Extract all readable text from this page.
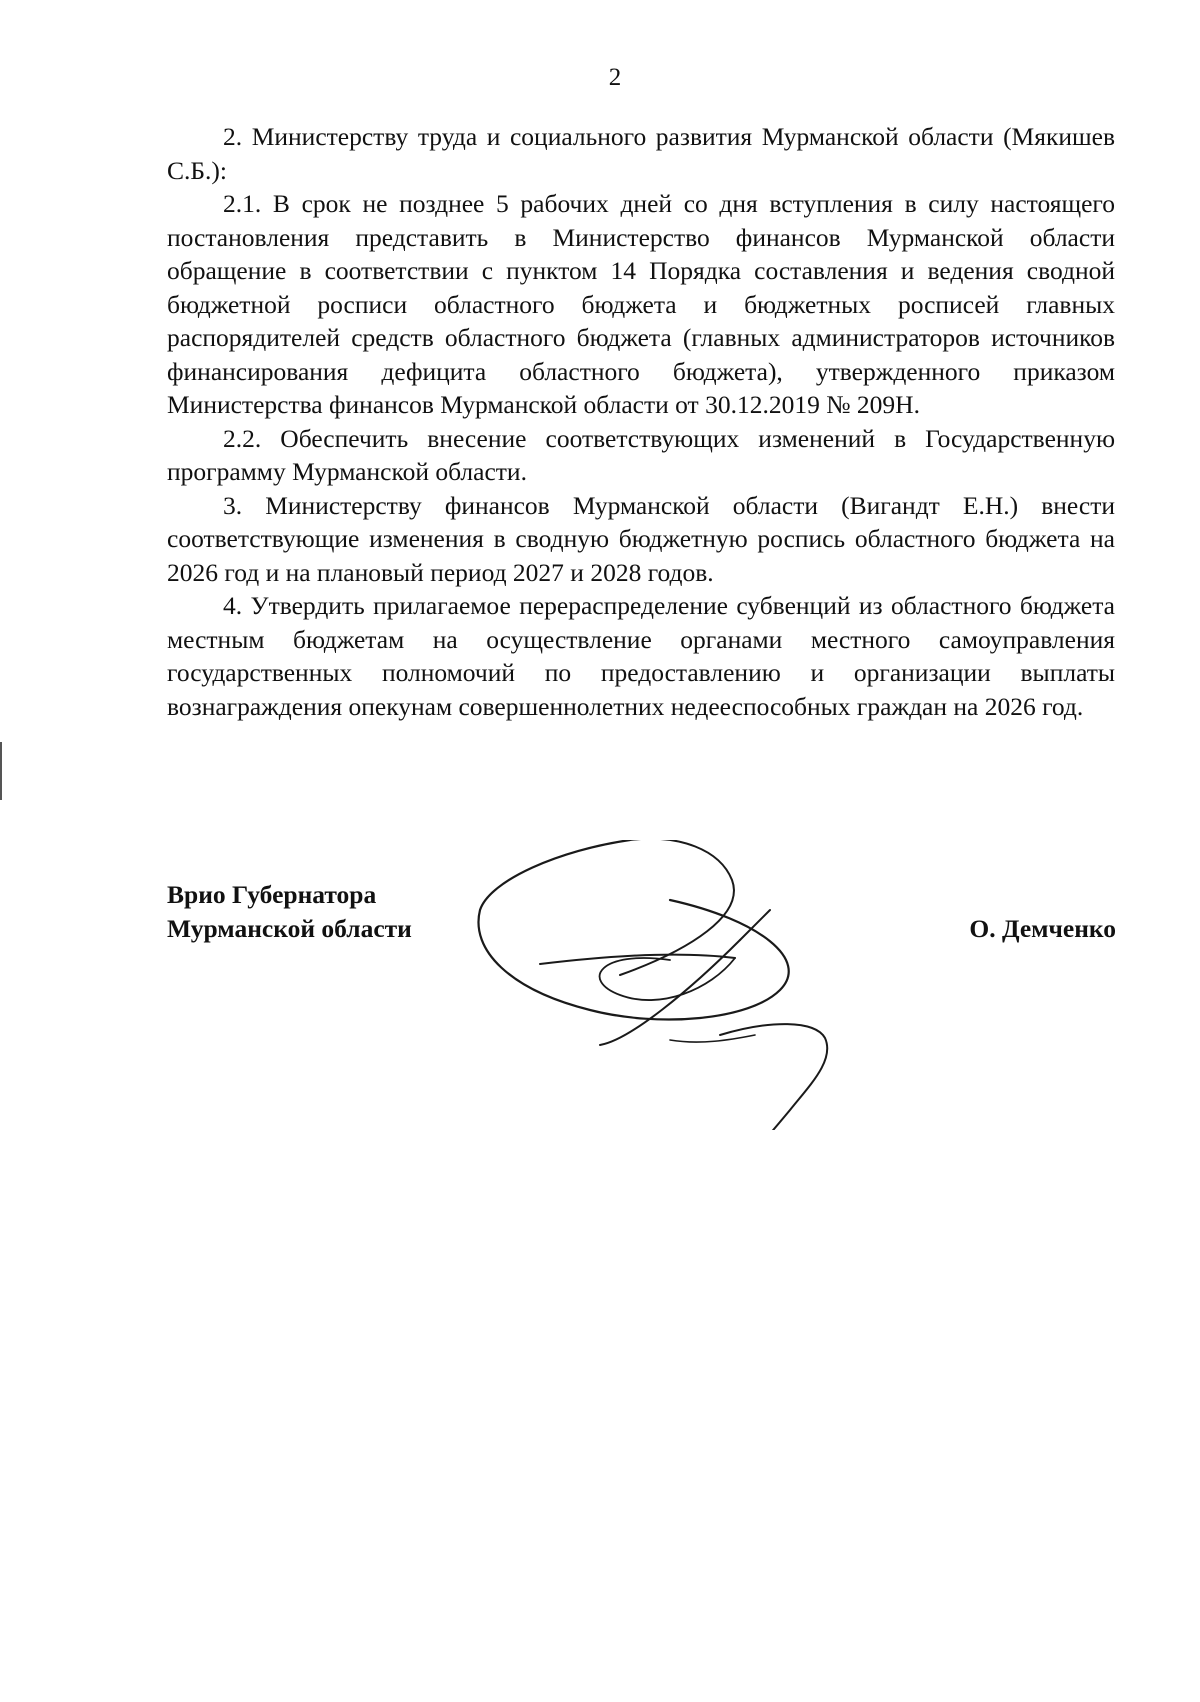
2

2. Министерству труда и социального развития Мурманской области (Мякишев С.Б.):

2.1. В срок не позднее 5 рабочих дней со дня вступления в силу настоящего постановления представить в Министерство финансов Мурманской области обращение в соответствии с пунктом 14 Порядка составления и ведения сводной бюджетной росписи областного бюджета и бюджетных росписей главных распорядителей средств областного бюджета (главных администраторов источников финансирования дефицита областного бюджета), утвержденного приказом Министерства финансов Мурманской области от 30.12.2019 № 209Н.

2.2. Обеспечить внесение соответствующих изменений в Государственную программу Мурманской области.

3. Министерству финансов Мурманской области (Вигандт Е.Н.) внести соответствующие изменения в сводную бюджетную роспись областного бюджета на 2026 год и на плановый период 2027 и 2028 годов.

4. Утвердить прилагаемое перераспределение субвенций из областного бюджета местным бюджетам на осуществление органами местного самоуправления государственных полномочий по предоставлению и организации выплаты вознаграждения опекунам совершеннолетних недееспособных граждан на 2026 год.

Врио Губернатора
Мурманской области	О. Демченко
